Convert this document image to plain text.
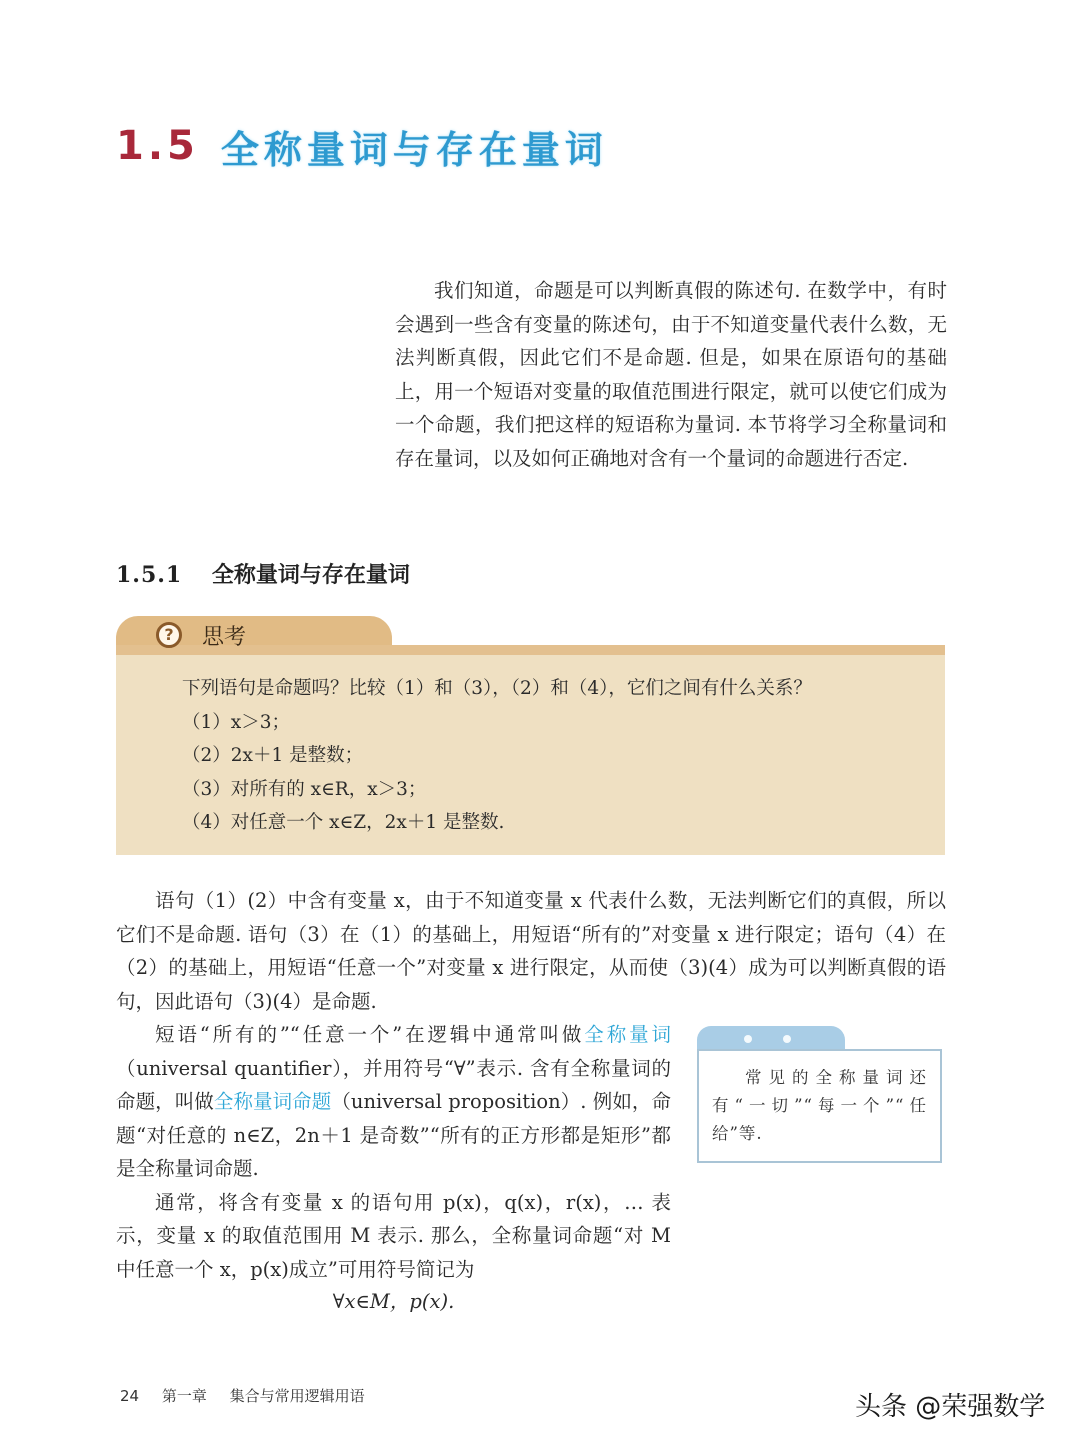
1.5 全称量词与存在量词

我们知道，命题是可以判断真假的陈述句. 在数学中，有时会遇到一些含有变量的陈述句，由于不知道变量代表什么数，无法判断真假，因此它们不是命题. 但是，如果在原语句的基础上，用一个短语对变量的取值范围进行限定，就可以使它们成为一个命题，我们把这样的短语称为量词. 本节将学习全称量词和存在量词，以及如何正确地对含有一个量词的命题进行否定.

1.5.1 全称量词与存在量词
?	思考
下列语句是命题吗？比较（1）和（3），（2）和（4），它们之间有什么关系？
（1）x＞3；
（2）2x＋1 是整数；
（3）对所有的 x∈R，x＞3；
（4）对任意一个 x∈Z，2x＋1 是整数.

语句（1）(2）中含有变量 x，由于不知道变量 x 代表什么数，无法判断它们的真假，所以它们不是命题. 语句（3）在（1）的基础上，用短语“所有的”对变量 x 进行限定；语句（4）在（2）的基础上，用短语“任意一个”对变量 x 进行限定，从而使（3)(4）成为可以判断真假的语句，因此语句（3)(4）是命题.

短语“所有的”“任意一个”在逻辑中通常叫做全称量词（universal quantifier），并用符号“∀”表示. 含有全称量词的命题，叫做全称量词命题（universal proposition）. 例如，命题“对任意的 n∈Z，2n＋1 是奇数”“所有的正方形都是矩形”都是全称量词命题.

通常，将含有变量 x 的语句用 p(x)，q(x)，r(x)，… 表示，变量 x 的取值范围用 M 表示. 那么，全称量词命题“对 M 中任意一个 x，p(x)成立”可用符号简记为

∀x∈M，p(x).

常见的全称量词还有“一切”“每一个”“任给”等.

24 第一章 集合与常用逻辑用语	头条 @荣强数学
